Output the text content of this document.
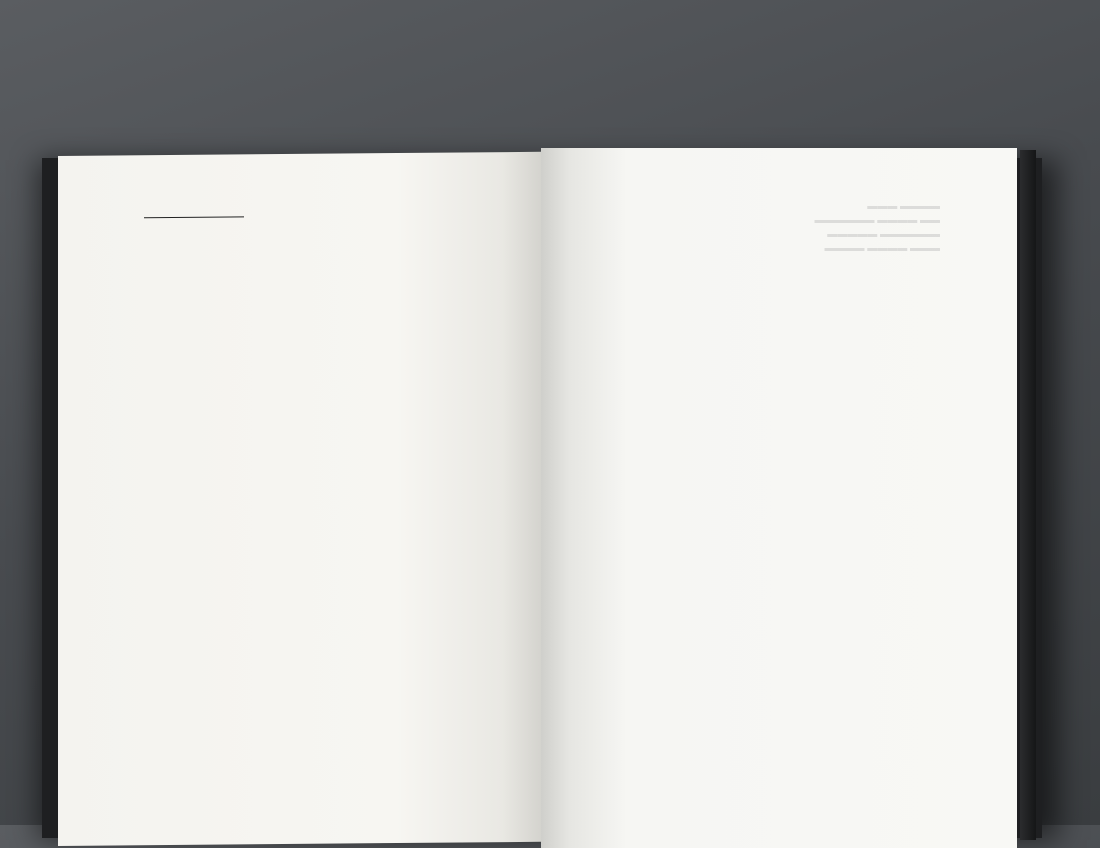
▬▬▬▬ ▬▬▬
▬▬ ▬▬▬▬ ▬▬▬▬▬▬
▬▬▬▬▬▬ ▬▬▬▬▬
▬▬▬ ▬▬▬▬ ▬▬▬▬
